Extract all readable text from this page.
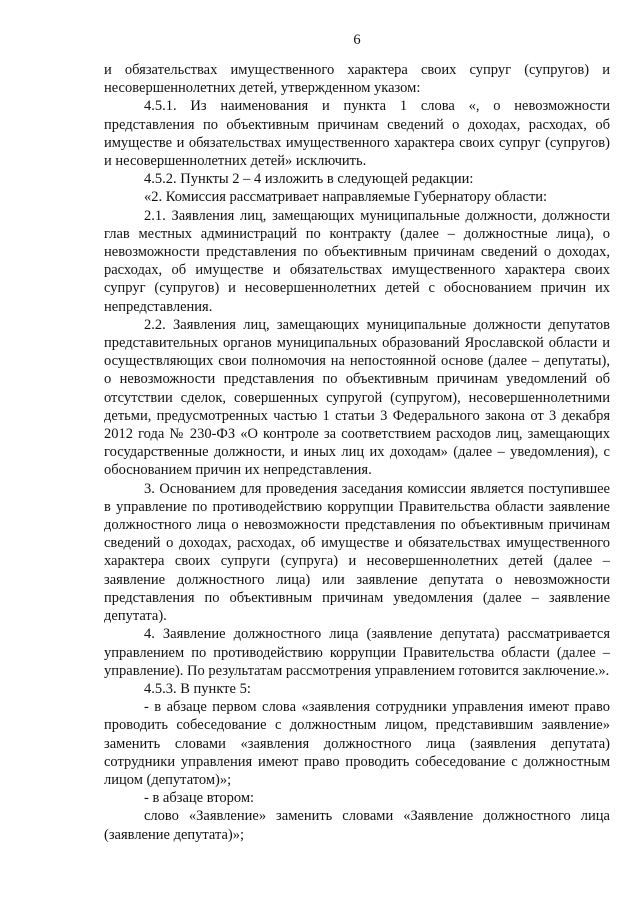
6

и обязательствах имущественного характера своих супруг (супругов) и несовершеннолетних детей, утвержденном указом:

4.5.1. Из наименования и пункта 1 слова «, о невозможности представления по объективным причинам сведений о доходах, расходах, об имуществе и обязательствах имущественного характера своих супруг (супругов) и несовершеннолетних детей» исключить.

4.5.2. Пункты 2 – 4 изложить в следующей редакции:

«2. Комиссия рассматривает направляемые Губернатору области:

2.1. Заявления лиц, замещающих муниципальные должности, должности глав местных администраций по контракту (далее – должностные лица), о невозможности представления по объективным причинам сведений о доходах, расходах, об имуществе и обязательствах имущественного характера своих супруг (супругов) и несовершеннолетних детей с обоснованием причин их непредставления.

2.2. Заявления лиц, замещающих муниципальные должности депутатов представительных органов муниципальных образований Ярославской области и осуществляющих свои полномочия на непостоянной основе (далее – депутаты), о невозможности представления по объективным причинам уведомлений об отсутствии сделок, совершенных супругой (супругом), несовершеннолетними детьми, предусмотренных частью 1 статьи 3 Федерального закона от 3 декабря 2012 года № 230-ФЗ «О контроле за соответствием расходов лиц, замещающих государственные должности, и иных лиц их доходам» (далее – уведомления), с обоснованием причин их непредставления.

3. Основанием для проведения заседания комиссии является поступившее в управление по противодействию коррупции Правительства области заявление должностного лица о невозможности представления по объективным причинам сведений о доходах, расходах, об имуществе и обязательствах имущественного характера своих супруги (супруга) и несовершеннолетних детей (далее – заявление должностного лица) или заявление депутата о невозможности представления по объективным причинам уведомления (далее – заявление депутата).

4. Заявление должностного лица (заявление депутата) рассматривается управлением по противодействию коррупции Правительства области (далее – управление). По результатам рассмотрения управлением готовится заключение.».

4.5.3. В пункте 5:

- в абзаце первом слова «заявления сотрудники управления имеют право проводить собеседование с должностным лицом, представившим заявление» заменить словами «заявления должностного лица (заявления депутата) сотрудники управления имеют право проводить собеседование с должностным лицом (депутатом)»;

- в абзаце втором:

слово «Заявление» заменить словами «Заявление должностного лица (заявление депутата)»;
